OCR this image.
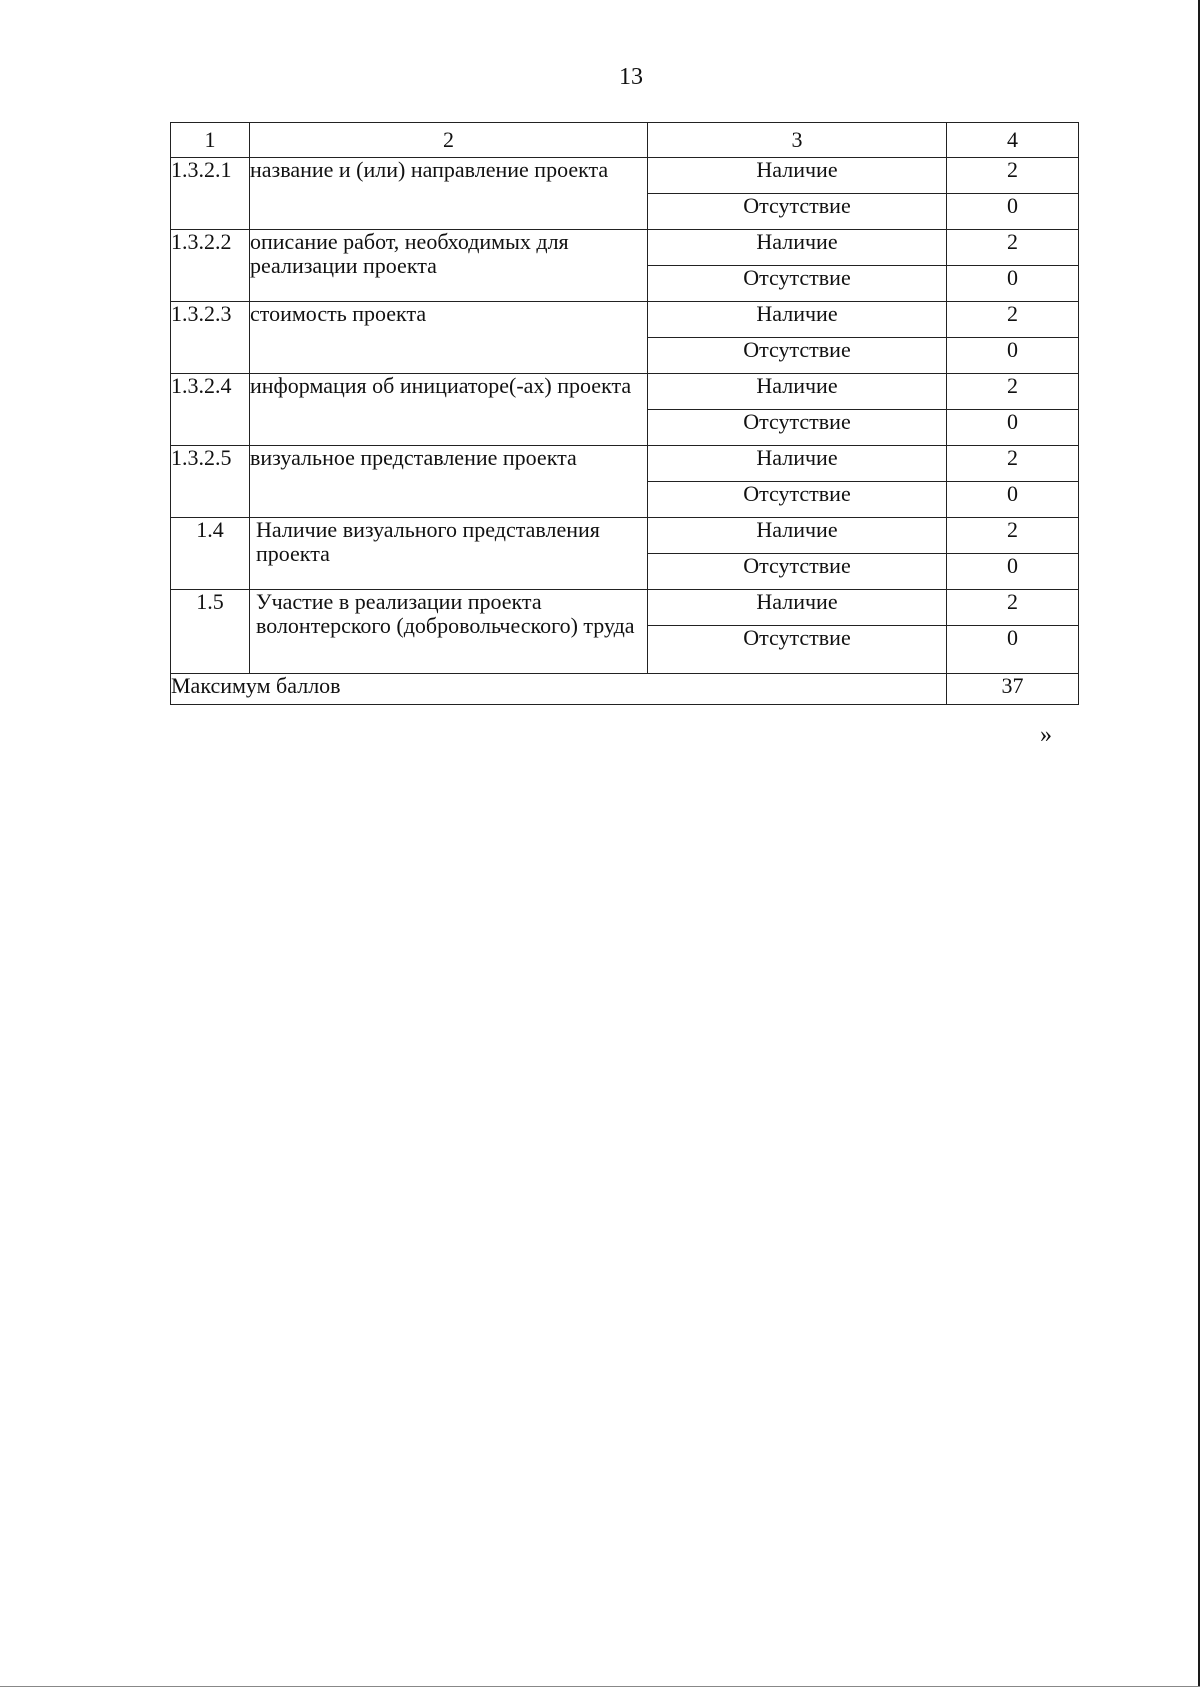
13
1	2	3	4
1.3.2.1	название и (или) направление проекта	Наличие	2
		Отсутствие	0
1.3.2.2	описание работ, необходимых для реализации проекта	Наличие	2
		Отсутствие	0
1.3.2.3	стоимость проекта	Наличие	2
		Отсутствие	0
1.3.2.4	информация об инициаторе(-ах) проекта	Наличие	2
		Отсутствие	0
1.3.2.5	визуальное представление проекта	Наличие	2
		Отсутствие	0
1.4	Наличие визуального представления проекта	Наличие	2
		Отсутствие	0
1.5	Участие в реализации проекта волонтерского (добровольческого) труда	Наличие	2
		Отсутствие	0
Максимум баллов			37
»
